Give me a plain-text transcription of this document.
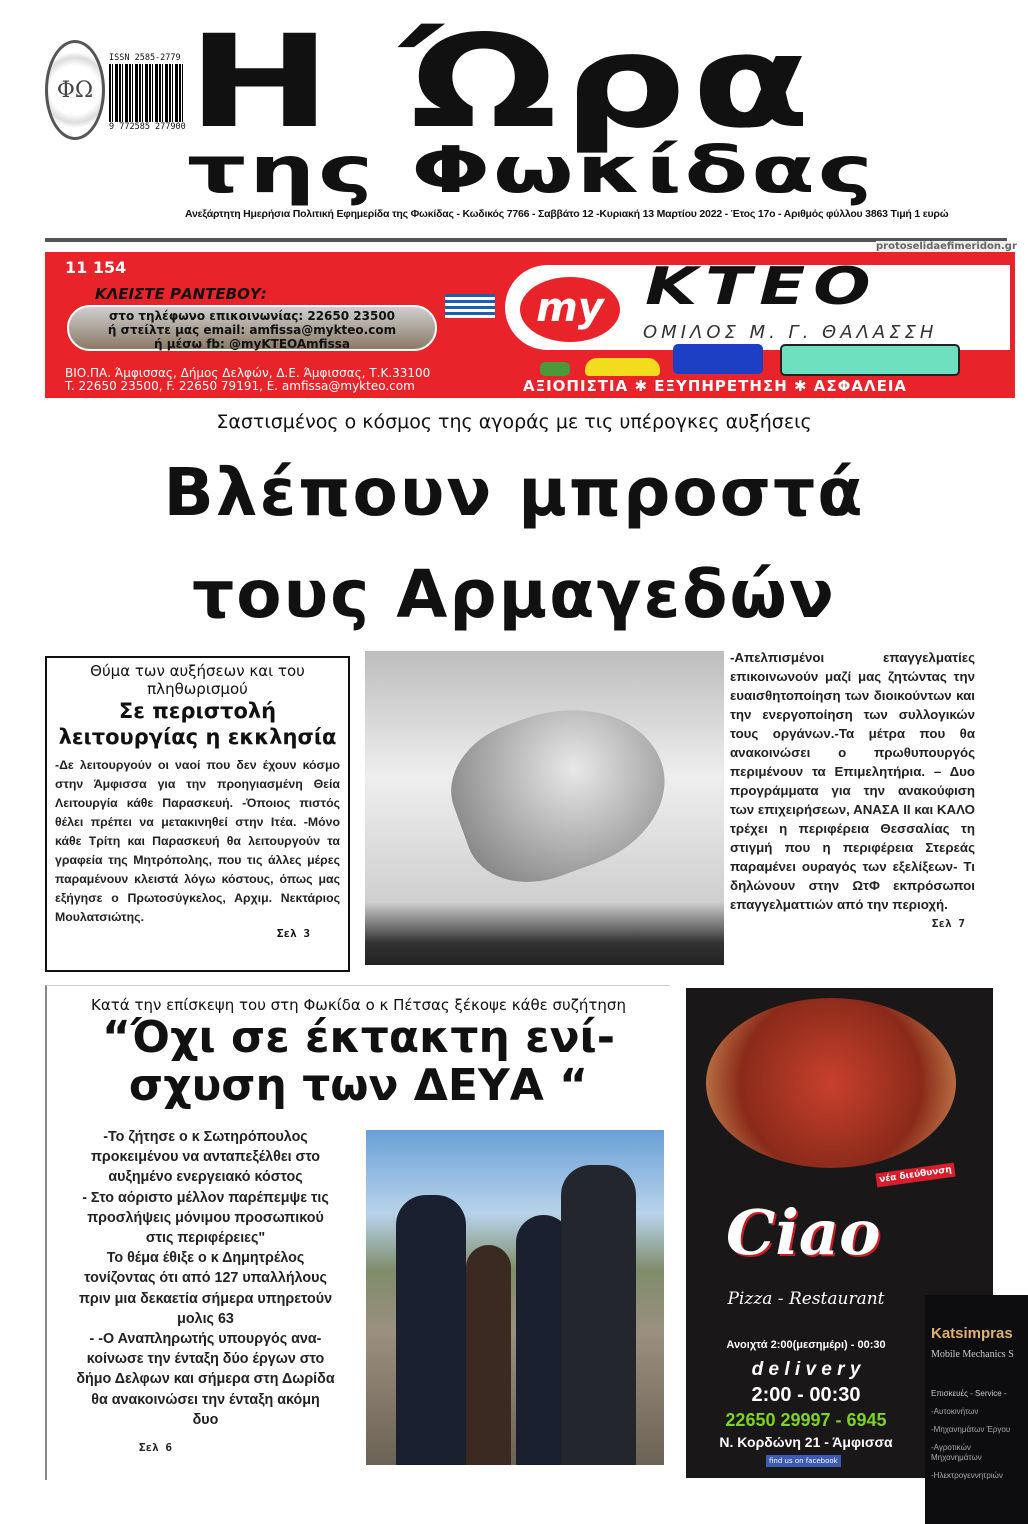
ΦΩ
ISSN 2585-2779
9 772585 277900 Η Ώρα
της Φωκίδας
Ανεξάρτητη Ημερήσια Πολιτική Εφημερίδα της Φωκίδας - Κωδικός 7766 - Σαββάτο 12 -Κυριακή 13 Μαρτίου 2022 - Έτος 17ο - Αριθμός φύλλου 3863 Τιμή 1 ευρώ
protoselidaefimeridon.gr
11 154
ΚΛΕΙΣΤΕ ΡΑΝΤΕΒΟΥ:
στο τηλέφωνο επικοινωνίας: 22650 23500
ή στείλτε μας email: amfissa@mykteo.com
ή μέσω fb: @myKTEOAmfissa
ΒΙΟ.ΠΑ. Άμφισσας, Δήμος Δελφών, Δ.Ε. Άμφισσας, Τ.Κ.33100
T. 22650 23500, F. 22650 79191, E. amfissa@mykteo.com
my ΚΤΕΟ
ΟΜΙΛΟΣ Μ. Γ. ΘΑΛΑΣΣΗ
ΑΞΙΟΠΙΣΤΙΑ ✱ ΕΞΥΠΗΡΕΤΗΣΗ ✱ ΑΣΦΑΛΕΙΑ
Σαστισμένος ο κόσμος της αγοράς με τις υπέρογκες αυξήσεις
Βλέπουν μπροστά
τους Αρμαγεδών
Θύμα των αυξήσεων και του πληθωρισμού
Σε περιστολή λειτουργίας η εκκλησία
-Δε λειτουργούν οι ναοί που δεν έχουν κόσμο στην Άμφισσα για την προηγιασμένη Θεία Λειτουργία κάθε Παρασκευή. -Όποιος πιστός θέλει πρέπει να μετακινηθεί στην Ιτέα. -Μόνο κάθε Τρίτη και Παρασκευή θα λειτουργούν τα γραφεία της Μητρόπολης, που τις άλλες μέρες παραμένουν κλειστά λόγω κόστους, όπως μας εξήγησε ο Πρωτοσύγκελος, Αρχιμ. Νεκτάριος Μουλατσιώτης.
Σελ 3
-Απελπισμένοι επαγγελματίες επικοινωνούν μαζί μας ζητώντας την ευαισθητοποίηση των διοικούντων και την ενεργοποίηση των συλλογικών τους οργάνων.-Τα μέτρα που θα ανακοινώσει ο πρωθυπουργός περιμένουν τα Επιμελητήρια. – Δυο προγράμματα για την ανακούφιση των επιχειρήσεων, ΑΝΑΣΑ ΙΙ και ΚΑΛΟ τρέχει η περιφέρεια Θεσσαλίας τη στιγμή που η περιφέρεια Στερεάς παραμένει ουραγός των εξελίξεων- Τι δηλώνουν στην ΩτΦ εκπρόσωποι επαγγελματτιών από την περιοχή.
Σελ 7
Κατά την επίσκεψη του στη Φωκίδα ο κ Πέτσας ξέκοψε κάθε συζήτηση
“Όχι σε έκτακτη ενί-
σχυση των ΔΕΥΑ “
-Το ζήτησε ο κ Σωτηρόπουλος
προκειμένου να ανταπεξέλθει στο
αυξημένο ενεργειακό κόστος
- Στο αόριστο μέλλον παρέπεμψε τις
προσλήψεις μόνιμου προσωπικού
στις περιφέρειες"
Το θέμα έθιξε ο κ Δημητρέλος
τονίζοντας ότι από 127 υπαλλήλους
πριν μια δεκαετία σήμερα υπηρετούν
μολις 63
- -Ο Αναπληρωτής υπουργός ανα-
κοίνωσε την ένταξη δύο έργων στο
δήμο Δελφων και σήμερα στη Δωρίδα
θα ανακοινώσει την ένταξη ακόμη
δυο
Σελ 6
νέα διεύθυνση
Ciao
Pizza - Restaurant
Ανοιχτά 2:00(μεσημέρι) - 00:30
d e l i v e r y
2:00 - 00:30
22650 29997 - 6945
Ν. Κορδώνη 21 - Άμφισσα
find us on facebook
Katsimpras
Mobile Mechanics S
Επισκευές - Service -
-Αυτοκινήτων
-Μηχανημάτων Έργου
-Αγροτικών Μηχανημάτων
-Ηλεκτρογεννητριών
